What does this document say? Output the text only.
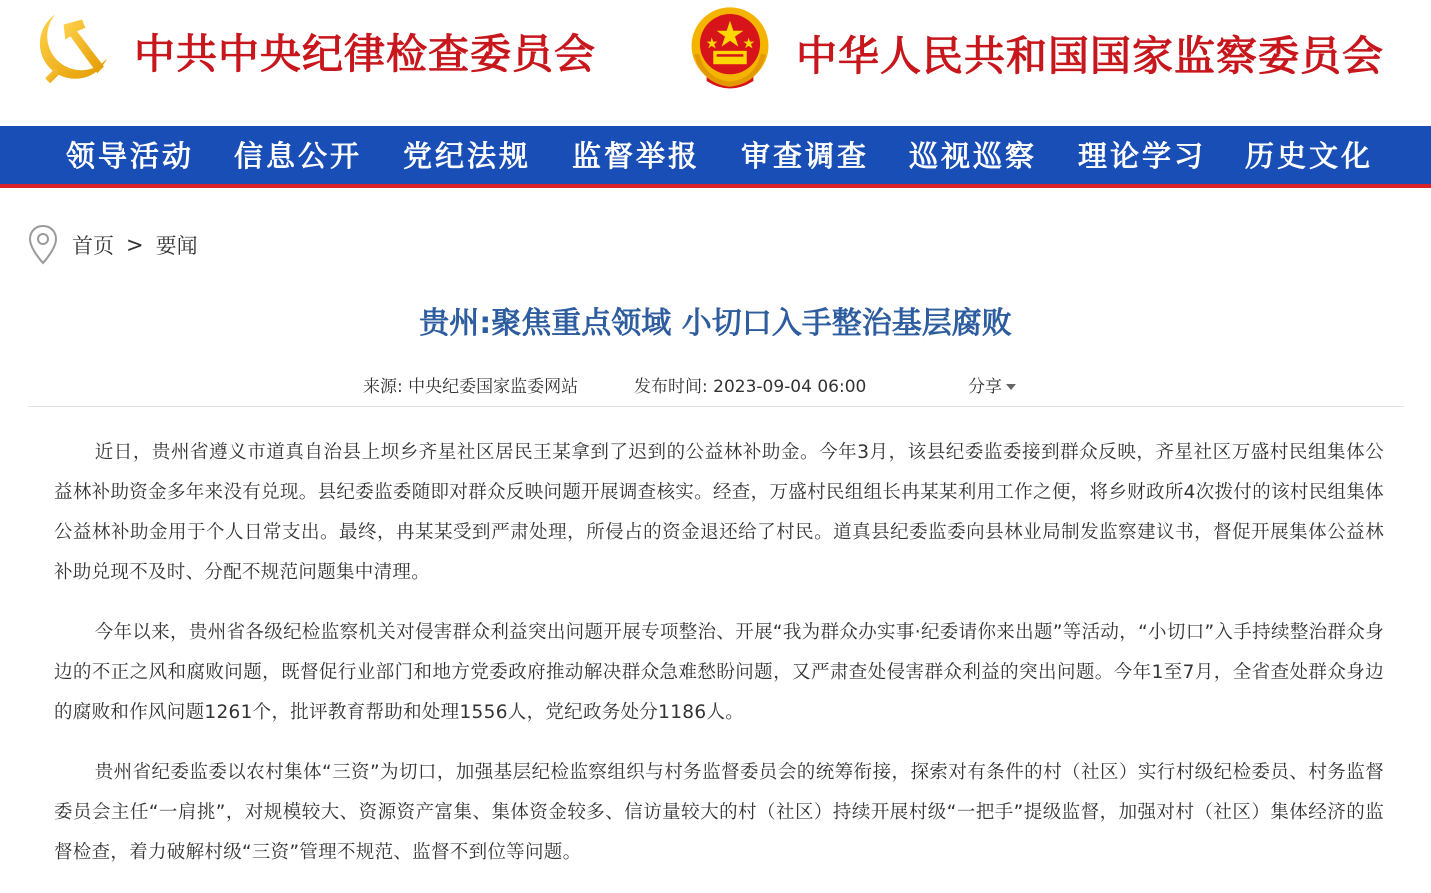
中共中央纪律检查委员会	中华人民共和国国家监察委员会
领导活动 信息公开 党纪法规 监督举报 审查调查 巡视巡察 理论学习 历史文化
首页 > 要闻
贵州:聚焦重点领域 小切口入手整治基层腐败
来源: 中央纪委国家监委网站	发布时间: 2023-09-04 06:00	分享

近日，贵州省遵义市道真自治县上坝乡齐星社区居民王某拿到了迟到的公益林补助金。今年3月，该县纪委监委接到群众反映，齐星社区万盛村民组集体公益林补助资金多年来没有兑现。县纪委监委随即对群众反映问题开展调查核实。经查，万盛村民组组长冉某某利用工作之便，将乡财政所4次拨付的该村民组集体公益林补助金用于个人日常支出。最终，冉某某受到严肃处理，所侵占的资金退还给了村民。道真县纪委监委向县林业局制发监察建议书，督促开展集体公益林补助兑现不及时、分配不规范问题集中清理。

今年以来，贵州省各级纪检监察机关对侵害群众利益突出问题开展专项整治、开展“我为群众办实事·纪委请你来出题”等活动，“小切口”入手持续整治群众身边的不正之风和腐败问题，既督促行业部门和地方党委政府推动解决群众急难愁盼问题，又严肃查处侵害群众利益的突出问题。今年1至7月，全省查处群众身边的腐败和作风问题1261个，批评教育帮助和处理1556人，党纪政务处分1186人。

贵州省纪委监委以农村集体“三资”为切口，加强基层纪检监察组织与村务监督委员会的统筹衔接，探索对有条件的村（社区）实行村级纪检委员、村务监督委员会主任“一肩挑”，对规模较大、资源资产富集、集体资金较多、信访量较大的村（社区）持续开展村级“一把手”提级监督，加强对村（社区）集体经济的监督检查，着力破解村级“三资”管理不规范、监督不到位等问题。
